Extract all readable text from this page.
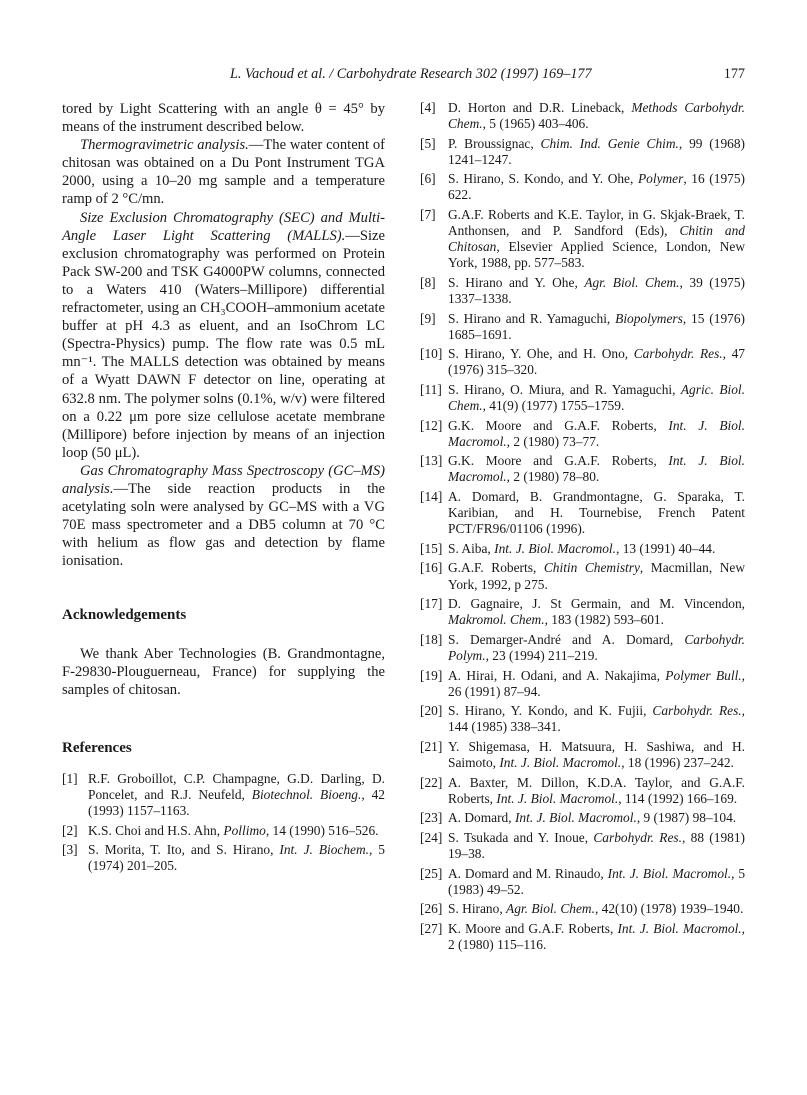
L. Vachoud et al. / Carbohydrate Research 302 (1997) 169–177	177

tored by Light Scattering with an angle θ = 45° by means of the instrument described below.

Thermogravimetric analysis.—The water content of chitosan was obtained on a Du Pont Instrument TGA 2000, using a 10–20 mg sample and a temperature ramp of 2 °C/mn.

Size Exclusion Chromatography (SEC) and Multi-Angle Laser Light Scattering (MALLS).—Size exclusion chromatography was performed on Protein Pack SW-200 and TSK G4000PW columns, connected to a Waters 410 (Waters–Millipore) differential refractometer, using an CH₃COOH–ammonium acetate buffer at pH 4.3 as eluent, and an IsoChrom LC (Spectra-Physics) pump. The flow rate was 0.5 mL mn⁻¹. The MALLS detection was obtained by means of a Wyatt DAWN F detector on line, operating at 632.8 nm. The polymer solns (0.1%, w/v) were filtered on a 0.22 μm pore size cellulose acetate membrane (Millipore) before injection by means of an injection loop (50 μL).

Gas Chromatography Mass Spectroscopy (GC–MS) analysis.—The side reaction products in the acetylating soln were analysed by GC–MS with a VG 70E mass spectrometer and a DB5 column at 70 °C with helium as flow gas and detection by flame ionisation.

Acknowledgements

We thank Aber Technologies (B. Grandmontagne, F-29830-Plouguerneau, France) for supplying the samples of chitosan.

References
[1] R.F. Groboillot, C.P. Champagne, G.D. Darling, D. Poncelet, and R.J. Neufeld, Biotechnol. Bioeng., 42 (1993) 1157–1163.
[2] K.S. Choi and H.S. Ahn, Pollimo, 14 (1990) 516–526.
[3] S. Morita, T. Ito, and S. Hirano, Int. J. Biochem., 5 (1974) 201–205.
[4] D. Horton and D.R. Lineback, Methods Carbohydr. Chem., 5 (1965) 403–406.
[5] P. Broussignac, Chim. Ind. Genie Chim., 99 (1968) 1241–1247.
[6] S. Hirano, S. Kondo, and Y. Ohe, Polymer, 16 (1975) 622.
[7] G.A.F. Roberts and K.E. Taylor, in G. Skjak-Braek, T. Anthonsen, and P. Sandford (Eds), Chitin and Chitosan, Elsevier Applied Science, London, New York, 1988, pp. 577–583.
[8] S. Hirano and Y. Ohe, Agr. Biol. Chem., 39 (1975) 1337–1338.
[9] S. Hirano and R. Yamaguchi, Biopolymers, 15 (1976) 1685–1691.
[10] S. Hirano, Y. Ohe, and H. Ono, Carbohydr. Res., 47 (1976) 315–320.
[11] S. Hirano, O. Miura, and R. Yamaguchi, Agric. Biol. Chem., 41(9) (1977) 1755–1759.
[12] G.K. Moore and G.A.F. Roberts, Int. J. Biol. Macromol., 2 (1980) 73–77.
[13] G.K. Moore and G.A.F. Roberts, Int. J. Biol. Macromol., 2 (1980) 78–80.
[14] A. Domard, B. Grandmontagne, G. Sparaka, T. Karibian, and H. Tournebise, French Patent PCT/FR96/01106 (1996).
[15] S. Aiba, Int. J. Biol. Macromol., 13 (1991) 40–44.
[16] G.A.F. Roberts, Chitin Chemistry, Macmillan, New York, 1992, p 275.
[17] D. Gagnaire, J. St Germain, and M. Vincendon, Makromol. Chem., 183 (1982) 593–601.
[18] S. Demarger-André and A. Domard, Carbohydr. Polym., 23 (1994) 211–219.
[19] A. Hirai, H. Odani, and A. Nakajima, Polymer Bull., 26 (1991) 87–94.
[20] S. Hirano, Y. Kondo, and K. Fujii, Carbohydr. Res., 144 (1985) 338–341.
[21] Y. Shigemasa, H. Matsuura, H. Sashiwa, and H. Saimoto, Int. J. Biol. Macromol., 18 (1996) 237–242.
[22] A. Baxter, M. Dillon, K.D.A. Taylor, and G.A.F. Roberts, Int. J. Biol. Macromol., 114 (1992) 166–169.
[23] A. Domard, Int. J. Biol. Macromol., 9 (1987) 98–104.
[24] S. Tsukada and Y. Inoue, Carbohydr. Res., 88 (1981) 19–38.
[25] A. Domard and M. Rinaudo, Int. J. Biol. Macromol., 5 (1983) 49–52.
[26] S. Hirano, Agr. Biol. Chem., 42(10) (1978) 1939–1940.
[27] K. Moore and G.A.F. Roberts, Int. J. Biol. Macromol., 2 (1980) 115–116.
